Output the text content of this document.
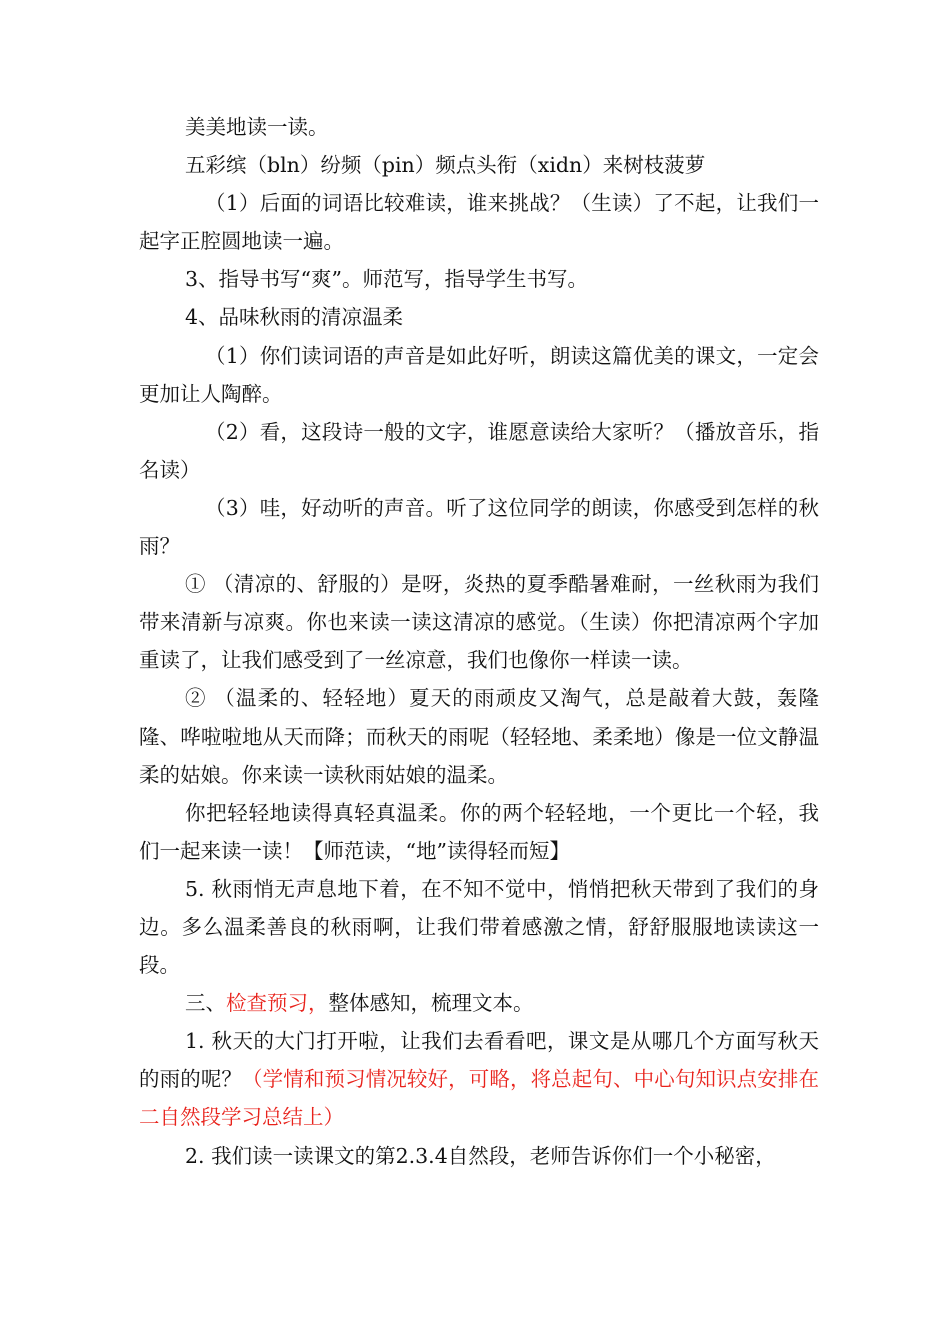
美美地读一读。

五彩缤（bln）纷频（pin）频点头衔（xidn）来树枝菠萝

（1）后面的词语比较难读，谁来挑战？（生读）了不起，让我们一起字正腔圆地读一遍。

3、指导书写“爽”。师范写，指导学生书写。

4、品味秋雨的清凉温柔

（1）你们读词语的声音是如此好听，朗读这篇优美的课文，一定会更加让人陶醉。

（2）看，这段诗一般的文字，谁愿意读给大家听？（播放音乐，指名读）

（3）哇，好动听的声音。听了这位同学的朗读，你感受到怎样的秋雨？

① （清凉的、舒服的）是呀，炎热的夏季酷暑难耐，一丝秋雨为我们带来清新与凉爽。你也来读一读这清凉的感觉。（生读）你把清凉两个字加重读了，让我们感受到了一丝凉意，我们也像你一样读一读。

② （温柔的、轻轻地）夏天的雨顽皮又淘气，总是敲着大鼓，轰隆隆、哗啦啦地从天而降；而秋天的雨呢（轻轻地、柔柔地）像是一位文静温柔的姑娘。你来读一读秋雨姑娘的温柔。

你把轻轻地读得真轻真温柔。你的两个轻轻地，一个更比一个轻，我们一起来读一读！【师范读，“地”读得轻而短】

5. 秋雨悄无声息地下着，在不知不觉中，悄悄把秋天带到了我们的身边。多么温柔善良的秋雨啊，让我们带着感激之情，舒舒服服地读读这一段。

三、检查预习，整体感知，梳理文本。

1. 秋天的大门打开啦，让我们去看看吧，课文是从哪几个方面写秋天的雨的呢？（学情和预习情况较好，可略，将总起句、中心句知识点安排在二自然段学习总结上）

2. 我们读一读课文的第2.3.4自然段，老师告诉你们一个小秘密，
